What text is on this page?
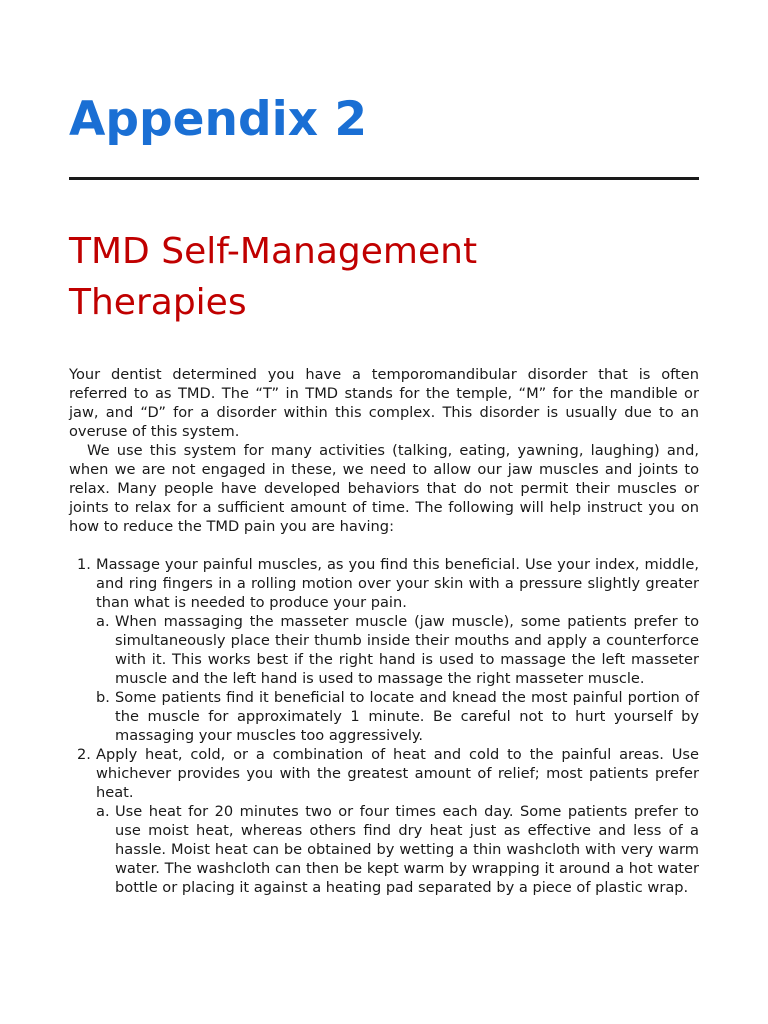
Appendix 2
TMD Self-Management
Therapies

Your dentist determined you have a temporomandibular disorder that is often referred to as TMD. The “T” in TMD stands for the temple, “M” for the mandible or jaw, and “D” for a disorder within this complex. This disorder is usually due to an overuse of this system.

We use this system for many activities (talking, eating, yawning, laughing) and, when we are not engaged in these, we need to allow our jaw muscles and joints to relax. Many people have developed behaviors that do not permit their muscles or joints to relax for a sufficient amount of time. The following will help instruct you on how to reduce the TMD pain you are having:

1. Massage your painful muscles, as you find this beneficial. Use your index, middle, and ring fingers in a rolling motion over your skin with a pressure slightly greater than what is needed to produce your pain.
a. When massaging the masseter muscle (jaw muscle), some patients prefer to simultaneously place their thumb inside their mouths and apply a counterforce with it. This works best if the right hand is used to massage the left masseter muscle and the left hand is used to massage the right masseter muscle.
b. Some patients find it beneficial to locate and knead the most painful portion of the muscle for approximately 1 minute. Be careful not to hurt yourself by massaging your muscles too aggressively.
2. Apply heat, cold, or a combination of heat and cold to the painful areas. Use whichever provides you with the greatest amount of relief; most patients prefer heat.
a. Use heat for 20 minutes two or four times each day. Some patients prefer to use moist heat, whereas others find dry heat just as effective and less of a hassle. Moist heat can be obtained by wetting a thin washcloth with very warm water. The washcloth can then be kept warm by wrapping it around a hot water bottle or placing it against a heating pad separated by a piece of plastic wrap.
